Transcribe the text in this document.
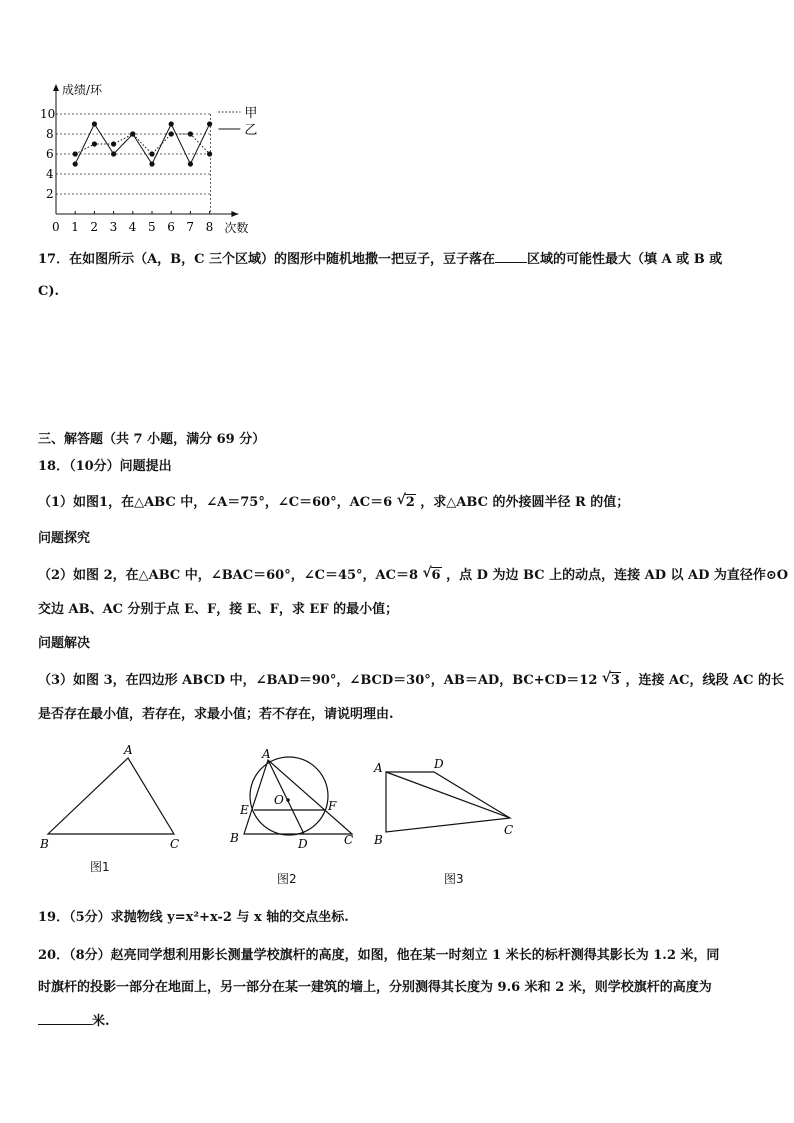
0 1 2 3 4 5 6 7 8
2
4
6
8
10
成绩/环
次数
甲
乙
17．在如图所示（A，B，C 三个区域）的图形中随机地撒一把豆子，豆子落在 区域的可能性最大（填 A 或 B 或
C).
三、解答题（共 7 小题，满分 69 分）
18．（10分）问题提出
（1）如图1，在△ABC 中，∠A＝75°，∠C＝60°，AC＝6 √ 2 ，求△ABC 的外接圆半径 R 的值；
问题探究
（2）如图 2，在△ABC 中，∠BAC＝60°，∠C＝45°，AC＝8 √ 6 ，点 D 为边 BC 上的动点，连接 AD 以 AD 为直径作⊙O
交边 AB、AC 分别于点 E、F，接 E、F，求 EF 的最小值；
问题解决
（3）如图 3，在四边形 ABCD 中，∠BAD＝90°，∠BCD＝30°，AB＝AD，BC+CD＝12 √ 3 ，连接 AC，线段 AC 的长
是否存在最小值，若存在，求最小值；若不存在，请说明理由.
A
B	C
图1
A
O
E	F
B	D	C
图2
A	D
B
C
图3
19．（5分）求抛物线 y=x²+x-2 与 x 轴的交点坐标.
20．（8分）赵亮同学想利用影长测量学校旗杆的高度，如图，他在某一时刻立 1 米长的标杆测得其影长为 1.2 米，同
时旗杆的投影一部分在地面上，另一部分在某一建筑的墙上，分别测得其长度为 9.6 米和 2 米，则学校旗杆的高度为
米.
